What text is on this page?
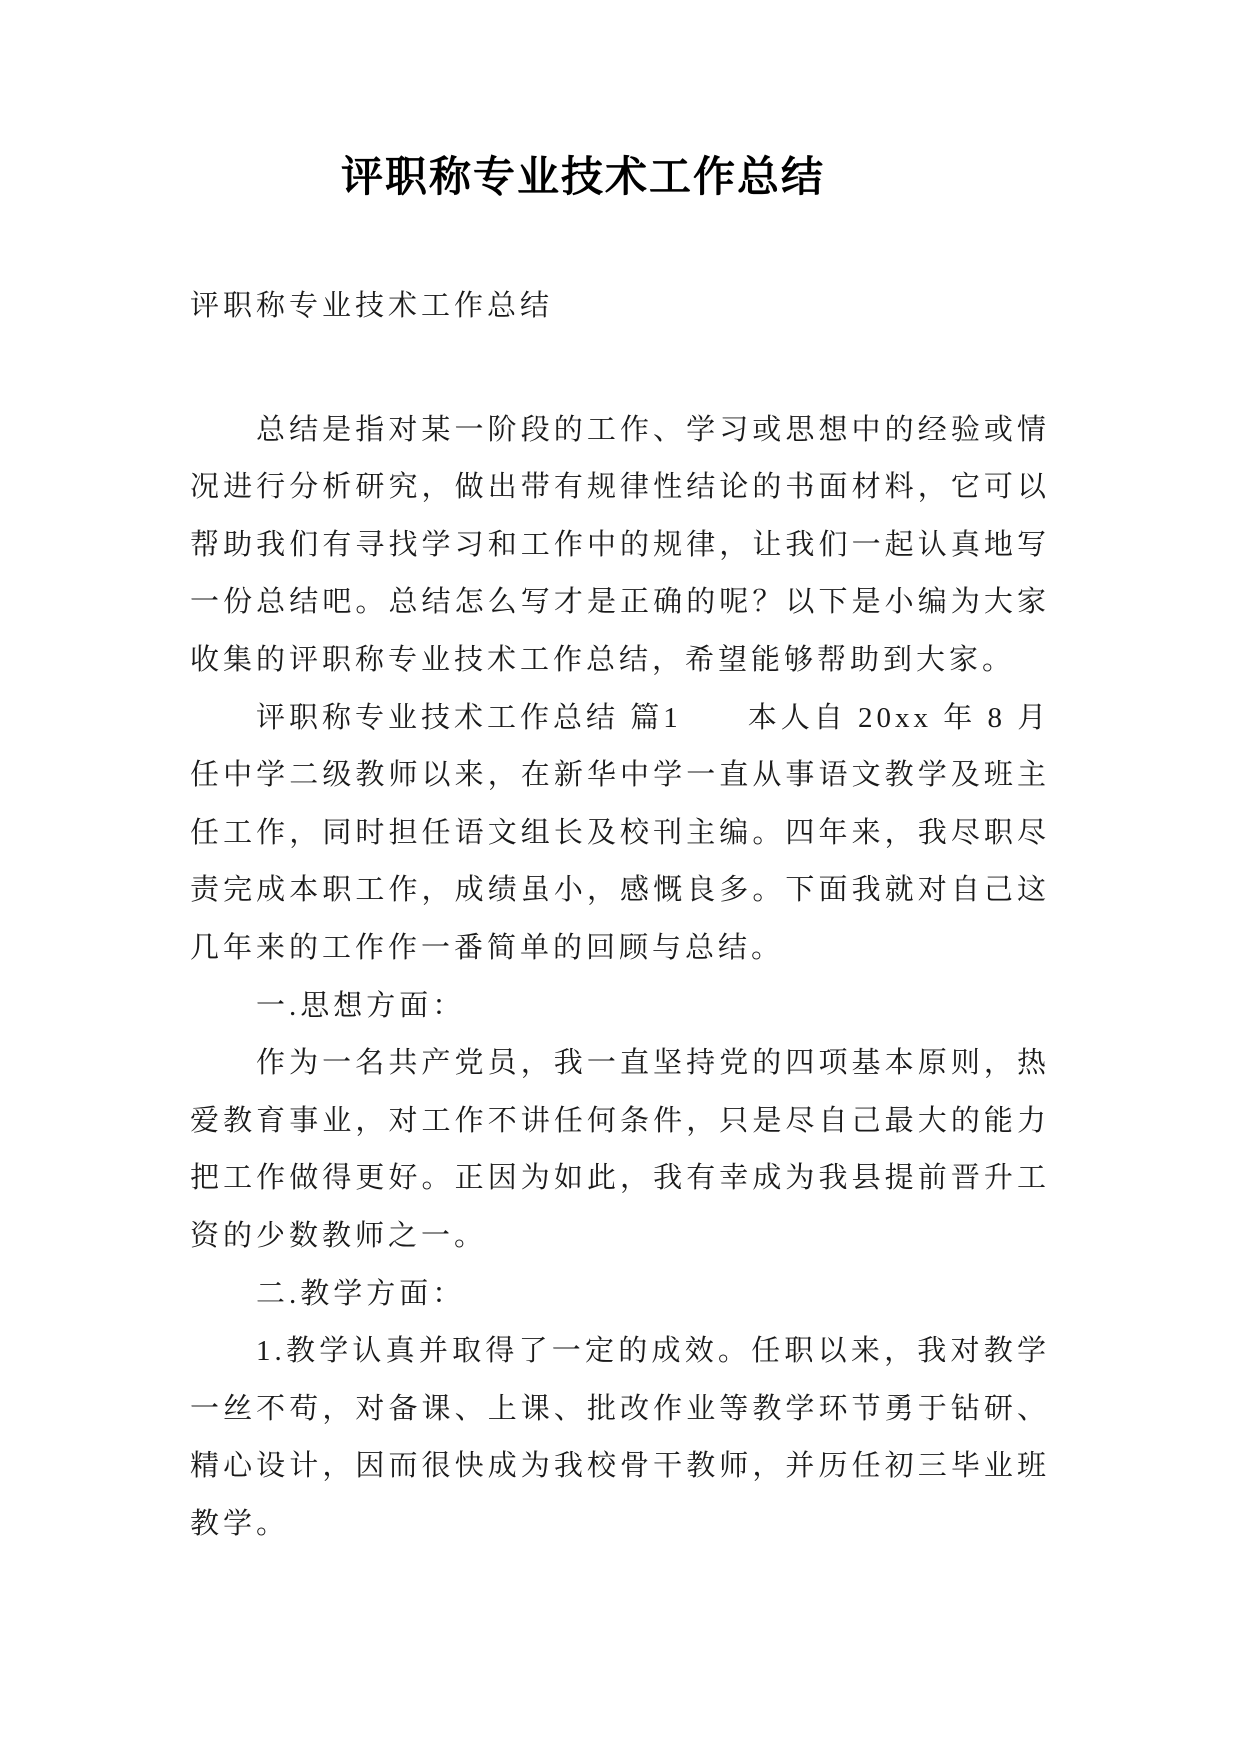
评职称专业技术工作总结

评职称专业技术工作总结

总结是指对某一阶段的工作、学习或思想中的经验或情
况进行分析研究，做出带有规律性结论的书面材料，它可以
帮助我们有寻找学习和工作中的规律，让我们一起认真地写
一份总结吧。总结怎么写才是正确的呢？以下是小编为大家
收集的评职称专业技术工作总结，希望能够帮助到大家。
评职称专业技术工作总结 篇1　　本人自 20xx 年 8 月
任中学二级教师以来，在新华中学一直从事语文教学及班主
任工作，同时担任语文组长及校刊主编。四年来，我尽职尽
责完成本职工作，成绩虽小，感慨良多。下面我就对自己这
几年来的工作作一番简单的回顾与总结。
一.思想方面：
作为一名共产党员，我一直坚持党的四项基本原则，热
爱教育事业，对工作不讲任何条件，只是尽自己最大的能力
把工作做得更好。正因为如此，我有幸成为我县提前晋升工
资的少数教师之一。
二.教学方面：
1.教学认真并取得了一定的成效。任职以来，我对教学
一丝不苟，对备课、上课、批改作业等教学环节勇于钻研、
精心设计，因而很快成为我校骨干教师，并历任初三毕业班
教学。
